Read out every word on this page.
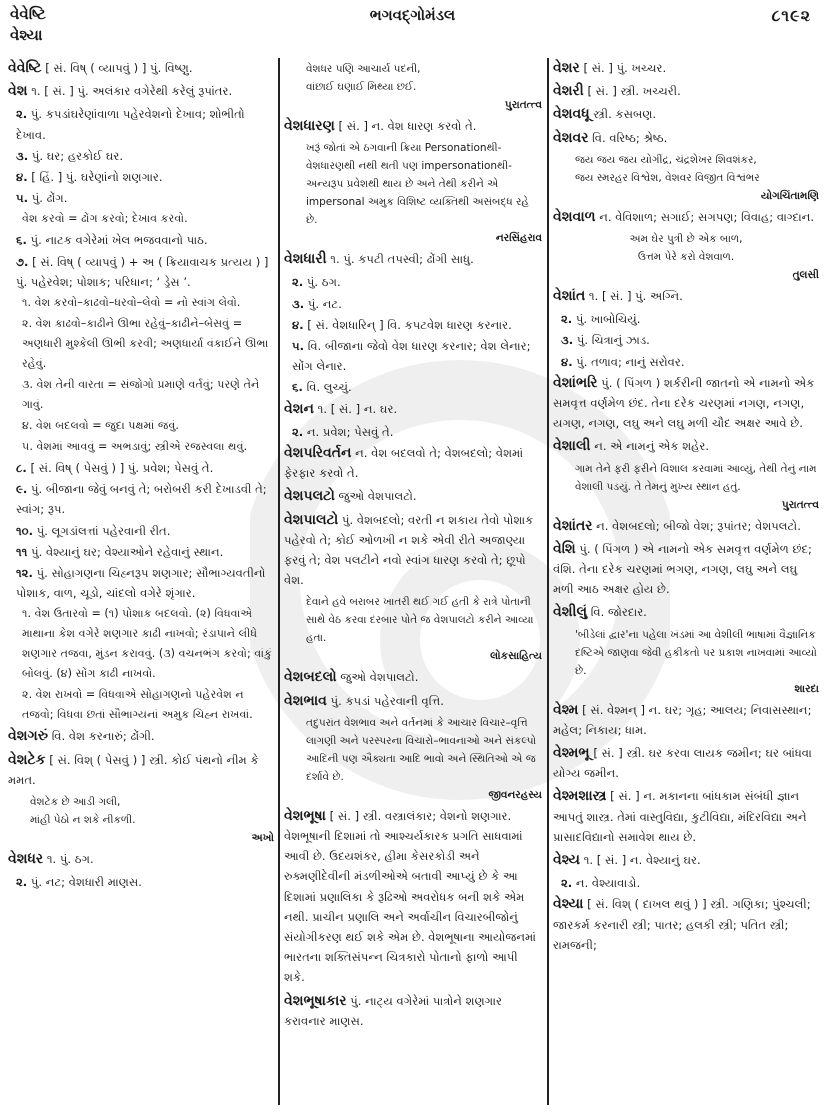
વેવેષ્ટિ
વેશ્યા
ભગવદ્ગોમંડલ	૮૧૯૨
વેવેષ્ટિ [ સં. વિષ્ ( વ્યાપવું ) ] પું. વિષ્ણુ.
વેશ ૧. [ સં. ] પું. અલંકાર વગેરેથી કરેલું રૂપાંતર.
૨. પું. કપડાંઘરેણાંવાળા પહેરવેશનો દેખાવ; શોભીતો દેખાવ.
૩. પું. ઘર; હરકોઈ ઘર.
૪. [ હિં. ] પું. ઘરેણાંનો શણગાર.
૫. પું. ઢોંગ.
વેશ કરવો = ઢોંગ કરવો; દેખાવ કરવો.
૬. પું. નાટક વગેરેમાં ખેલ ભજવવાનો પાઠ.
૭. [ સં. વિષ્ ( વ્યાપવું ) + અ ( ક્રિયાવાચક પ્રત્યય ) ] પું. પહેરવેશ; પોશાક; પરિધાન; ‘ ડ્રેસ ’.
૧. વેશ કરવો–કાઢવો–ધરવો–લેવો = નો સ્વાંગ લેવો.
૨. વેશ કાઢવો–કાઢીને ઊભા રહેવું–કાઢીને–બેસવું = અણધારી મુશ્કેલી ઊભી કરવી; અણધાર્યા વંકાઈને ઊભા રહેવું.
૩. વેશ તેની વારતા = સંજોગો પ્રમાણે વર્તવું; પરણે તેને ગાવું.
૪. વેશ બદલવો = જુદા પક્ષમાં જવું.
૫. વેશમાં આવવું = અભડાવું; સ્ત્રીએ રજસ્વલા થવું.
૮. [ સં. વિષ્ ( પેસવું ) ] પું. પ્રવેશ; પેસવું તે.
૯. પું. બીજાના જેવું બનવું તે; બરોબરી કરી દેખાડવી તે; સ્વાંગ; રૂપ.
૧૦. પું. લૂગડાંલત્તાં પહેરવાની રીત.
૧૧ પું. વેશ્યાનું ઘર; વેશ્યાઓને રહેવાનું સ્થાન.
૧૨. પું. સોહાગણના ચિહ્નરૂપ શણગાર; સૌભાગ્યવતીનો પોશાક, વાળ, ચૂડો, ચાંદલો વગેરે શૃંગાર.
૧. વેશ ઉતારવો = (૧) પોશાક બદલવો. (૨) વિધવાએ માથાના કેશ વગેરે શણગાર કાઢી નાખવો; રંડાપાને લીધે શણગાર તજવા, મુંડન કરાવવું. (૩) વચનભંગ કરવો; વાંકું બોલવું. (૪) સોંગ કાઢી નાખવો.
૨. વેશ રાખવો = વિધવાએ સોહાગણનો પહેરવેશ ન તજવો; વિધવા છતાં સૌભાગ્યનાં અમુક ચિહ્ન રાખવાં.
વેશગરું વિ. વેશ કરનારું; ઢોંગી.
વેશટેક [ સં. વિશ્ ( પેસવું ) ] સ્ત્રી. કોઈ પંથનો નીમ કે મમત.
વેશટેક છે આડી ગલી,
માંહી પેઠો ન શકે નીકળી.
અખો
વેશધર ૧. પું. ઠગ.
૨. પું. નટ; વેશધારી માણસ.
વેશધર પણિ આચાર્ય પદની,
વાંછાઈ ઘણાઈ મિથ્યા છઈ.
પુરાતત્ત્વ
વેશધારણ [ સં. ] ન. વેશ ધારણ કરવો તે.
ખરૂં જોતાં એ ઠગવાની ક્રિયા Personationથી-વેશધારણથી નથી થતી પણ impersonationથી-અન્યરૂપ પ્રવેશથી થાય છે અને તેથી કરીને એ impersonal અમુક વિશિષ્ટ વ્યક્તિથી અસંબદ્ધ રહે છે.
નરસિંહરાવ
વેશધારી ૧. પું. કપટી તપસ્વી; ઢોંગી સાધુ.
૨. પું. ઠગ.
૩. પું. નટ.
૪. [ સં. વેશધારિન્ ] વિ. કપટવેશ ધારણ કરનાર.
૫. વિ. બીજાના જેવો વેશ ધારણ કરનાર; વેશ લેનાર; સોંગ લેનાર.
૬. વિ. લુચ્ચું.
વેશન ૧. [ સં. ] ન. ઘર.
૨. ન. પ્રવેશ; પેસવું તે.
વેશપરિવર્તન ન. વેશ બદલવો તે; વેશબદલો; વેશમાં ફેરફાર કરવો તે.
વેશપલટો જુઓ વેશપાલટો.
વેશપાલટો પું. વેશબદલો; વરતી ન શકાય તેવો પોશાક પહેરવો તે; કોઈ ઓળખી ન શકે એવી રીતે અજાણ્યા ફરવું તે; વેશ પલટીને નવો સ્વાંગ ધારણ કરવો તે; છૂપો વેશ.
દેવાને હવે બરાબર ખાતરી થઈ ગઈ હતી કે રાત્રે પોતાની સાથે વેઠ કરવા દરબાર પોતે જ વેશપાલટો કરીને આવ્યા હતા.
લોકસાહિત્ય
વેશબદલો જુઓ વેશપાલટો.
વેશભાવ પું. કપડાં પહેરવાની વૃત્તિ.
તદુપરાંત વેશભાવ અને વર્તનમાં કે આચાર વિચાર–વૃત્તિ લાગણી અને પરસ્પરના વિચારો–ભાવનાઓ અને સંકલ્પો આદિની પણ ઐક્યતા આદિ ભાવો અને સ્થિતિઓ એ જ દર્શાવે છે.
જીવનરહસ્ય
વેશભૂષા [ સં. ] સ્ત્રી. વસ્ત્રાલંકાર; વેશનો શણગાર. વેશભૂષાની દિશામાં તો આશ્ચર્યકારક પ્રગતિ સાધવામાં આવી છે. ઉદયશંકર, હીમા કેસરકોડી અને રુક્મણીદેવીની મંડળીઓએ બતાવી આપ્યું છે કે આ દિશામાં પ્રણાલિકા કે રૂઢિઓ અવરોધક બની શકે એમ નથી. પ્રાચીન પ્રણાલિ અને અર્વાચીન વિચારબીજોનું સંયોગીકરણ થઈ શકે એમ છે. વેશભૂષાના આયોજનમાં ભારતના શક્તિસંપન્ન ચિત્રકારો પોતાનો ફાળો આપી શકે.
વેશભૂષાકાર પું. નાટ્ય વગેરેમાં પાત્રોને શણગાર કરાવનાર માણસ.
વેશર [ સં. ] પું. ખચ્ચર.
વેશરી [ સં. ] સ્ત્રી. ખચ્ચરી.
વેશવધૂ સ્ત્રી. કસબણ.
વેશવર વિ. વરિષ્ઠ; શ્રેષ્ઠ.
જય જય જય યોગીંદ્ર, ચંદ્રશેખર શિવશંકર,
જય સ્મરહર વિશ્વેશ, વેશવર વિજીત વિશ્વંભર
યોગચિંતામણિ
વેશવાળ ન. વેવિશાળ; સગાઈ; સગપણ; વિવાહ; વાગ્દાન.
અમ ઘેર પુત્રી છે એક બાળ,
ઉત્તમ પેરે કરો વેશવાળ.
તુલસી
વેશાંત ૧. [ સં. ] પું. અગ્નિ.
૨. પું. ખાબોચિયું.
૩. પું. ચિત્રાનું ઝાડ.
૪. પું. તળાવ; નાનું સરોવર.
વેશાંભરિ પું. ( પિંગળ ) શર્કરીની જાતનો એ નામનો એક સમવૃત્ત વર્ણમેળ છંદ. તેના દરેક ચરણમાં નગણ, નગણ, યગણ, નગણ, લઘુ અને લઘુ મળી ચૌદ અક્ષર આવે છે.
વેશાલી ન. એ નામનું એક શહેર.
ગામ તેને ફરી ફરીને વિશાલ કરવામાં આવ્યું, તેથી તેનું નામ વેશાલી પડયું. તે તેમનું મુખ્ય સ્થાન હતું.
પુરાતત્ત્વ
વેશાંતર ન. વેશબદલો; બીજો વેશ; રૂપાંતર; વેશપલટો.
વેશિ પું. ( પિંગળ ) એ નામનો એક સમવૃત્ત વર્ણમેળ છંદ; વંશિ. તેના દરેક ચરણમાં ભગણ, નગણ, લઘુ અને લઘુ મળી આઠ અક્ષર હોય છે.
વેશીલું વિ. જોરદાર.
'બીડેલાં દ્વાર'ના પહેલા ખંડમાં આ વેશીલી ભાષામાં વૈજ્ઞાનિક દષ્ટિએ જાણવા જેવી હકીકતો પર પ્રકાશ નાખવામાં આવ્યો છે.
શારદા
વેશ્મ [ સં. વેશ્મન્ ] ન. ઘર; ગૃહ; આલય; નિવાસસ્થાન; મહેલ; નિકાય; ધામ.
વેશ્મભૂ [ સં. ] સ્ત્રી. ઘર કરવા લાયક જમીન; ઘર બાંધવા યોગ્ય જમીન.
વેશ્મશાસ્ત્ર [ સં. ] ન. મકાનના બાંધકામ સંબંધી જ્ઞાન આપતું શાસ્ત્ર. તેમાં વાસ્તુવિદ્યા, કુટીવિદ્યા, મંદિરવિદ્યા અને પ્રાસાદવિદ્યાનો સમાવેશ થાય છે.
વેશ્ય ૧. [ સં. ] ન. વેશ્યાનું ઘર.
૨. ન. વેશ્યાવાડો.
વેશ્યા [ સં. વિશ્ ( દાખલ થવું ) ] સ્ત્રી. ગણિકા; પુંશ્ચલી; જારકર્મ કરનારી સ્ત્રી; પાતર; હલકી સ્ત્રી; પતિત સ્ત્રી; રામજની;
